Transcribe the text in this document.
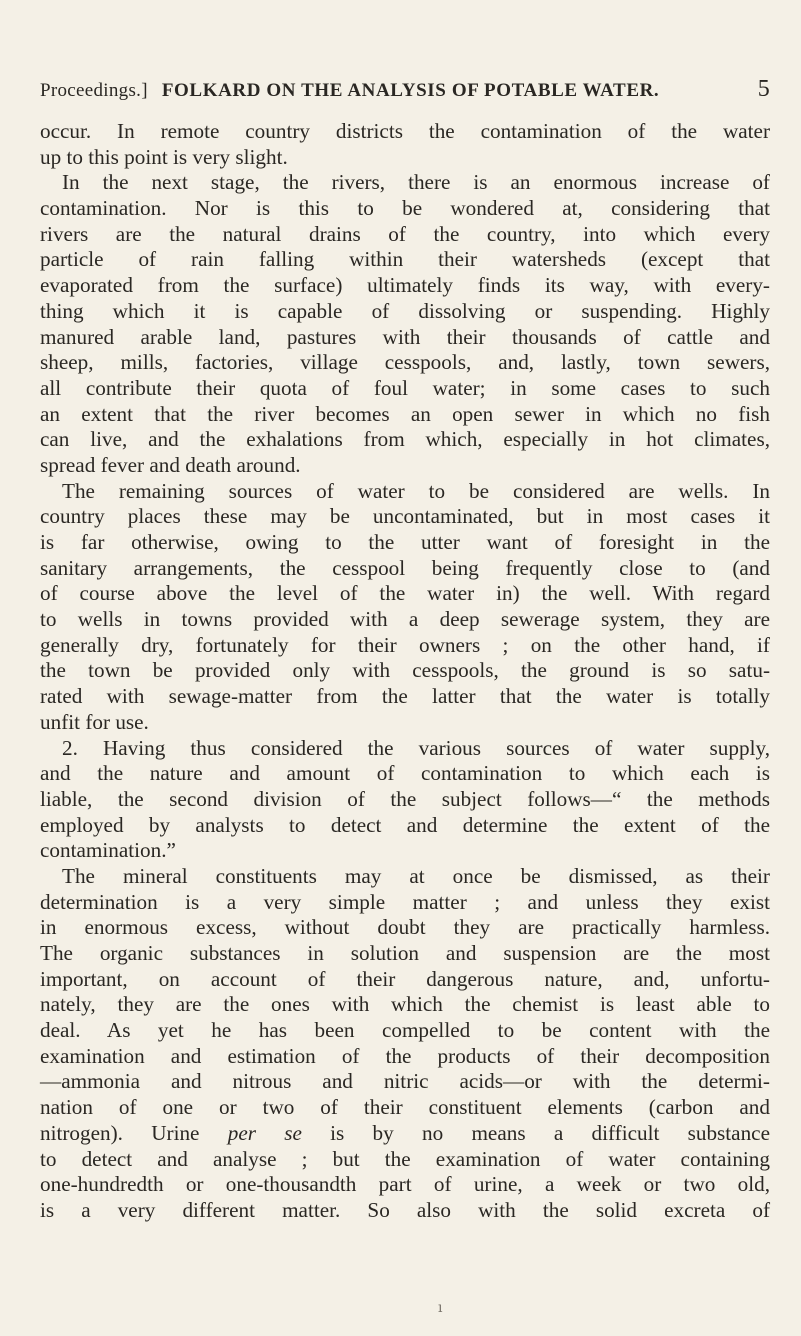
Proceedings.] FOLKARD ON THE ANALYSIS OF POTABLE WATER.	5
occur. In remote country districts the contamination of the water
up to this point is very slight.
In the next stage, the rivers, there is an enormous increase of
contamination. Nor is this to be wondered at, considering that
rivers are the natural drains of the country, into which every
particle of rain falling within their watersheds (except that
evaporated from the surface) ultimately finds its way, with every-
thing which it is capable of dissolving or suspending. Highly
manured arable land, pastures with their thousands of cattle and
sheep, mills, factories, village cesspools, and, lastly, town sewers,
all contribute their quota of foul water; in some cases to such
an extent that the river becomes an open sewer in which no fish
can live, and the exhalations from which, especially in hot climates,
spread fever and death around.
The remaining sources of water to be considered are wells. In
country places these may be uncontaminated, but in most cases it
is far otherwise, owing to the utter want of foresight in the
sanitary arrangements, the cesspool being frequently close to (and
of course above the level of the water in) the well. With regard
to wells in towns provided with a deep sewerage system, they are
generally dry, fortunately for their owners ; on the other hand, if
the town be provided only with cesspools, the ground is so satu-
rated with sewage-matter from the latter that the water is totally
unfit for use.
2. Having thus considered the various sources of water supply,
and the nature and amount of contamination to which each is
liable, the second division of the subject follows—“ the methods
employed by analysts to detect and determine the extent of the
contamination.”
The mineral constituents may at once be dismissed, as their
determination is a very simple matter ; and unless they exist
in enormous excess, without doubt they are practically harmless.
The organic substances in solution and suspension are the most
important, on account of their dangerous nature, and, unfortu-
nately, they are the ones with which the chemist is least able to
deal. As yet he has been compelled to be content with the
examination and estimation of the products of their decomposition
—ammonia and nitrous and nitric acids—or with the determi-
nation of one or two of their constituent elements (carbon and
nitrogen). Urine per se is by no means a difficult substance
to detect and analyse ; but the examination of water containing
one-hundredth or one-thousandth part of urine, a week or two old,
is a very different matter. So also with the solid excreta of
ı
